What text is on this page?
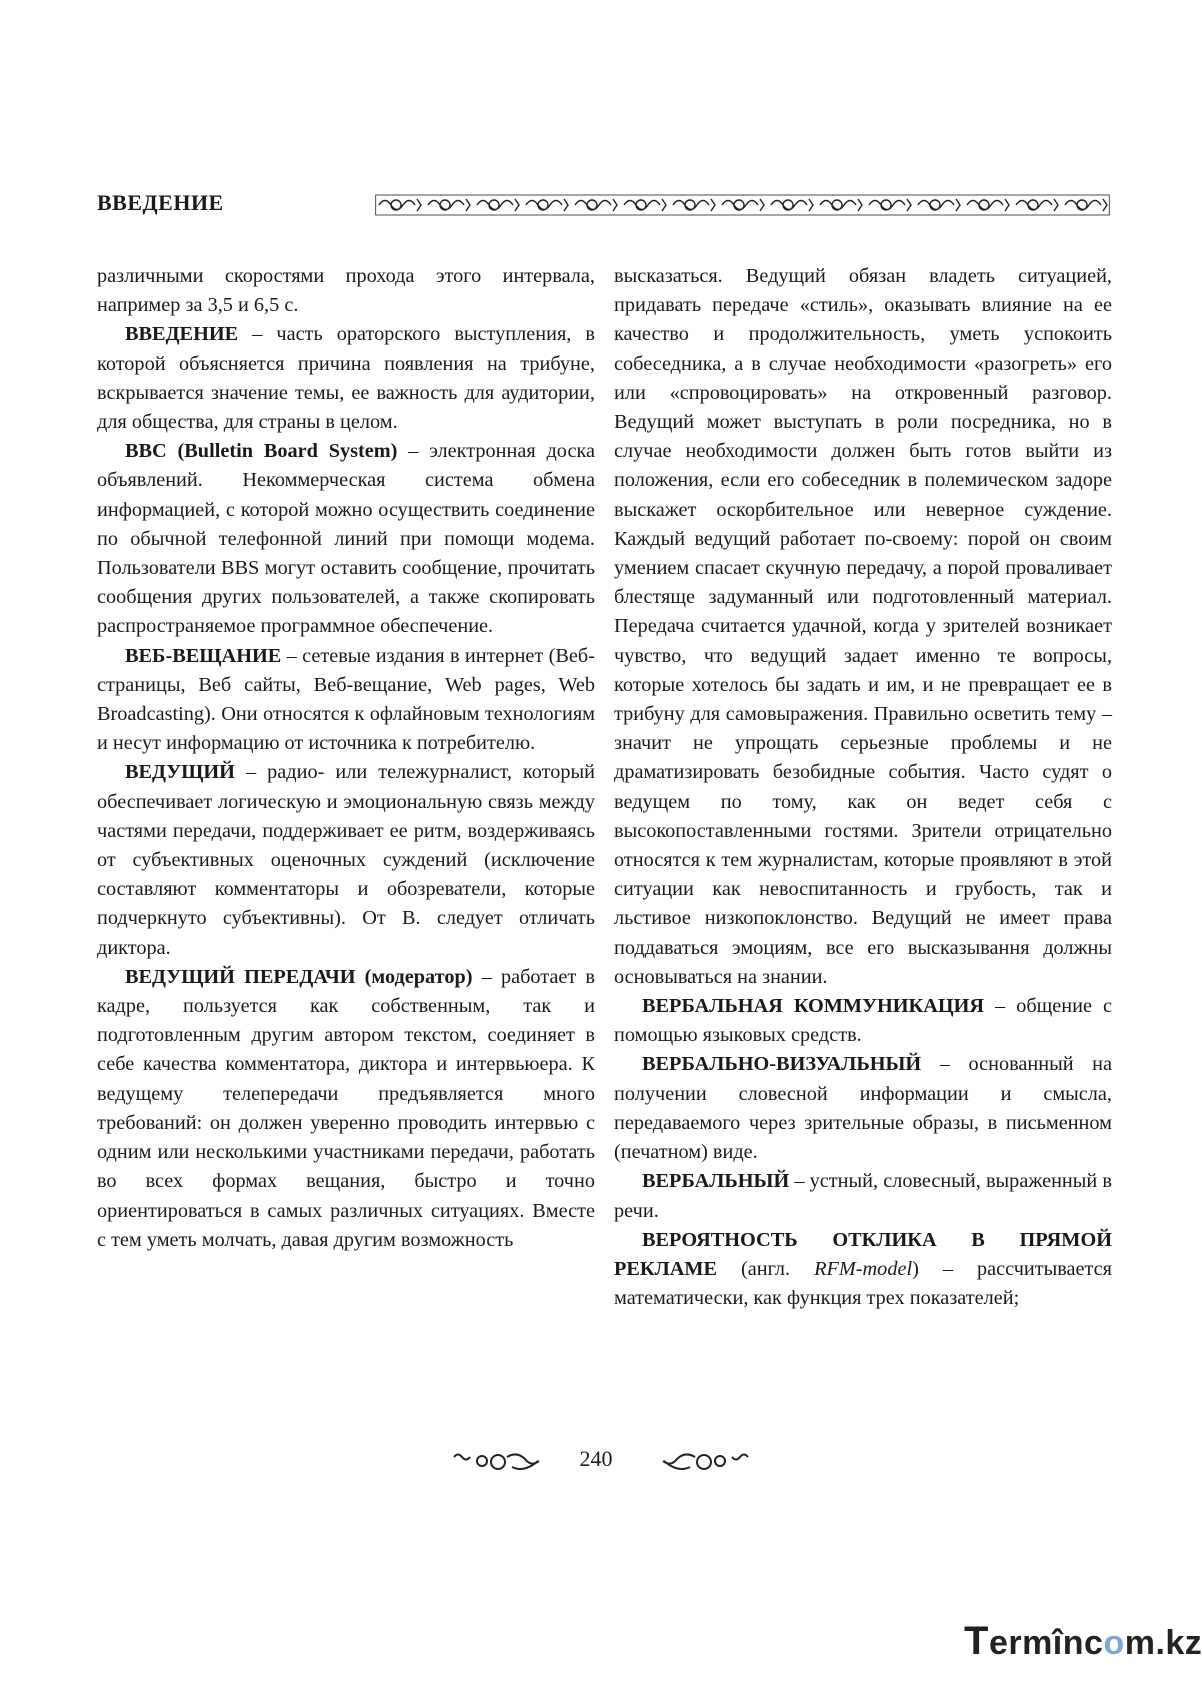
ВВЕДЕНИЕ

различными скоростями прохода этого интервала, например за 3,5 и 6,5 с.

ВВЕДЕНИЕ – часть ораторского выступления, в которой объясняется причина появления на трибуне, вскрывается значение темы, ее важность для аудитории, для общества, для страны в целом.

BBC (Bulletin Board System) – электронная доска объявлений. Некоммерческая система обмена информацией, с которой можно осуществить соединение по обычной телефонной линий при помощи модема. Пользователи BBS могут оставить сообщение, прочитать сообщения других пользователей, а также скопировать распространяемое программное обеспечение.

ВЕБ-ВЕЩАНИЕ – сетевые издания в интернет (Веб-страницы, Веб сайты, Веб-вещание, Web pages, Web Broadcasting). Они относятся к офлайновым технологиям и несут информацию от источника к потребителю.

ВЕДУЩИЙ – радио- или тележурналист, который обеспечивает логическую и эмоциональную связь между частями передачи, поддерживает ее ритм, воздерживаясь от субъективных оценочных суждений (исключение составляют комментаторы и обозреватели, которые подчеркнуто субъективны). От В. следует отличать диктора.

ВЕДУЩИЙ ПЕРЕДАЧИ (модератор) – работает в кадре, пользуется как собственным, так и подготовленным другим автором текстом, соединяет в себе качества комментатора, диктора и интервьюера. К ведущему телепередачи предъявляется много требований: он должен уверенно проводить интервью с одним или несколькими участниками передачи, работать во всех формах вещания, быстро и точно ориентироваться в самых различных ситуациях. Вместе с тем уметь молчать, давая другим возможность

высказаться. Ведущий обязан владеть ситуацией, придавать передаче «стиль», оказывать влияние на ее качество и продолжительность, уметь успокоить собеседника, а в случае необходимости «разогреть» его или «спровоцировать» на откровенный разговор. Ведущий может выступать в роли посредника, но в случае необходимости должен быть готов выйти из положения, если его собеседник в полемическом задоре выскажет оскорбительное или неверное суждение. Каждый ведущий работает по-своему: порой он своим умением спасает скучную передачу, а порой проваливает блестяще задуманный или подготовленный материал. Передача считается удачной, когда у зрителей возникает чувство, что ведущий задает именно те вопросы, которые хотелось бы задать и им, и не превращает ее в трибуну для самовыражения. Правильно осветить тему – значит не упрощать серьезные проблемы и не драматизировать безобидные события. Часто судят о ведущем по тому, как он ведет себя с высокопоставленными гостями. Зрители отрицательно относятся к тем журналистам, которые проявляют в этой ситуации как невоспитанность и грубость, так и льстивое низкопоклонство. Ведущий не имеет права поддаваться эмоциям, все его высказывання должны основываться на знании.

ВЕРБАЛЬНАЯ КОММУНИКАЦИЯ – общение с помощью языковых средств.

ВЕРБАЛЬНО-ВИЗУАЛЬНЫЙ – основанный на получении словесной информации и смысла, передаваемого через зрительные образы, в письменном (печатном) виде.

ВЕРБАЛЬНЫЙ – устный, словесный, выраженный в речи.

ВЕРОЯТНОСТЬ ОТКЛИКА В ПРЯМОЙ РЕКЛАМЕ (англ. RFM-model) – рассчитывается математически, как функция трех показателей;

240
Termîncom.kz
